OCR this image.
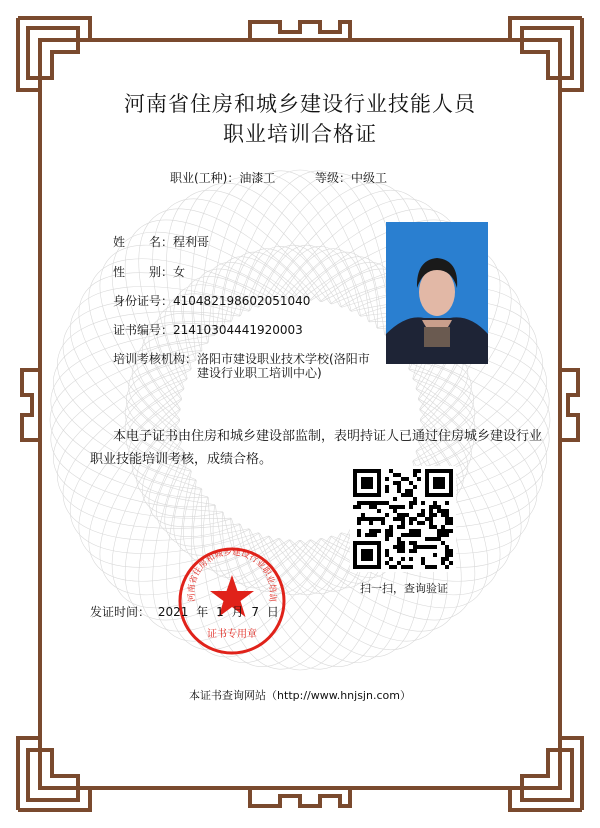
河南省住房和城乡建设行业技能人员
职业培训合格证
职业(工种)：油漆工	等级：中级工
姓　　名：程利哥
性　　别：女
身份证号：410482198602051040
证书编号：21410304441920003
培训考核机构：洛阳市建设职业技术学校(洛阳市
建设行业职工培训中心)
本电子证书由住房和城乡建设部监制，表明持证人已通过住房城乡建设行业
职业技能培训考核，成绩合格。
扫一扫，查询验证
河南省住房和城乡建设行业职业培训
证书专用章
发证时间： 2021 年 1 月 7 日
本证书查询网站（http://www.hnjsjn.com）
